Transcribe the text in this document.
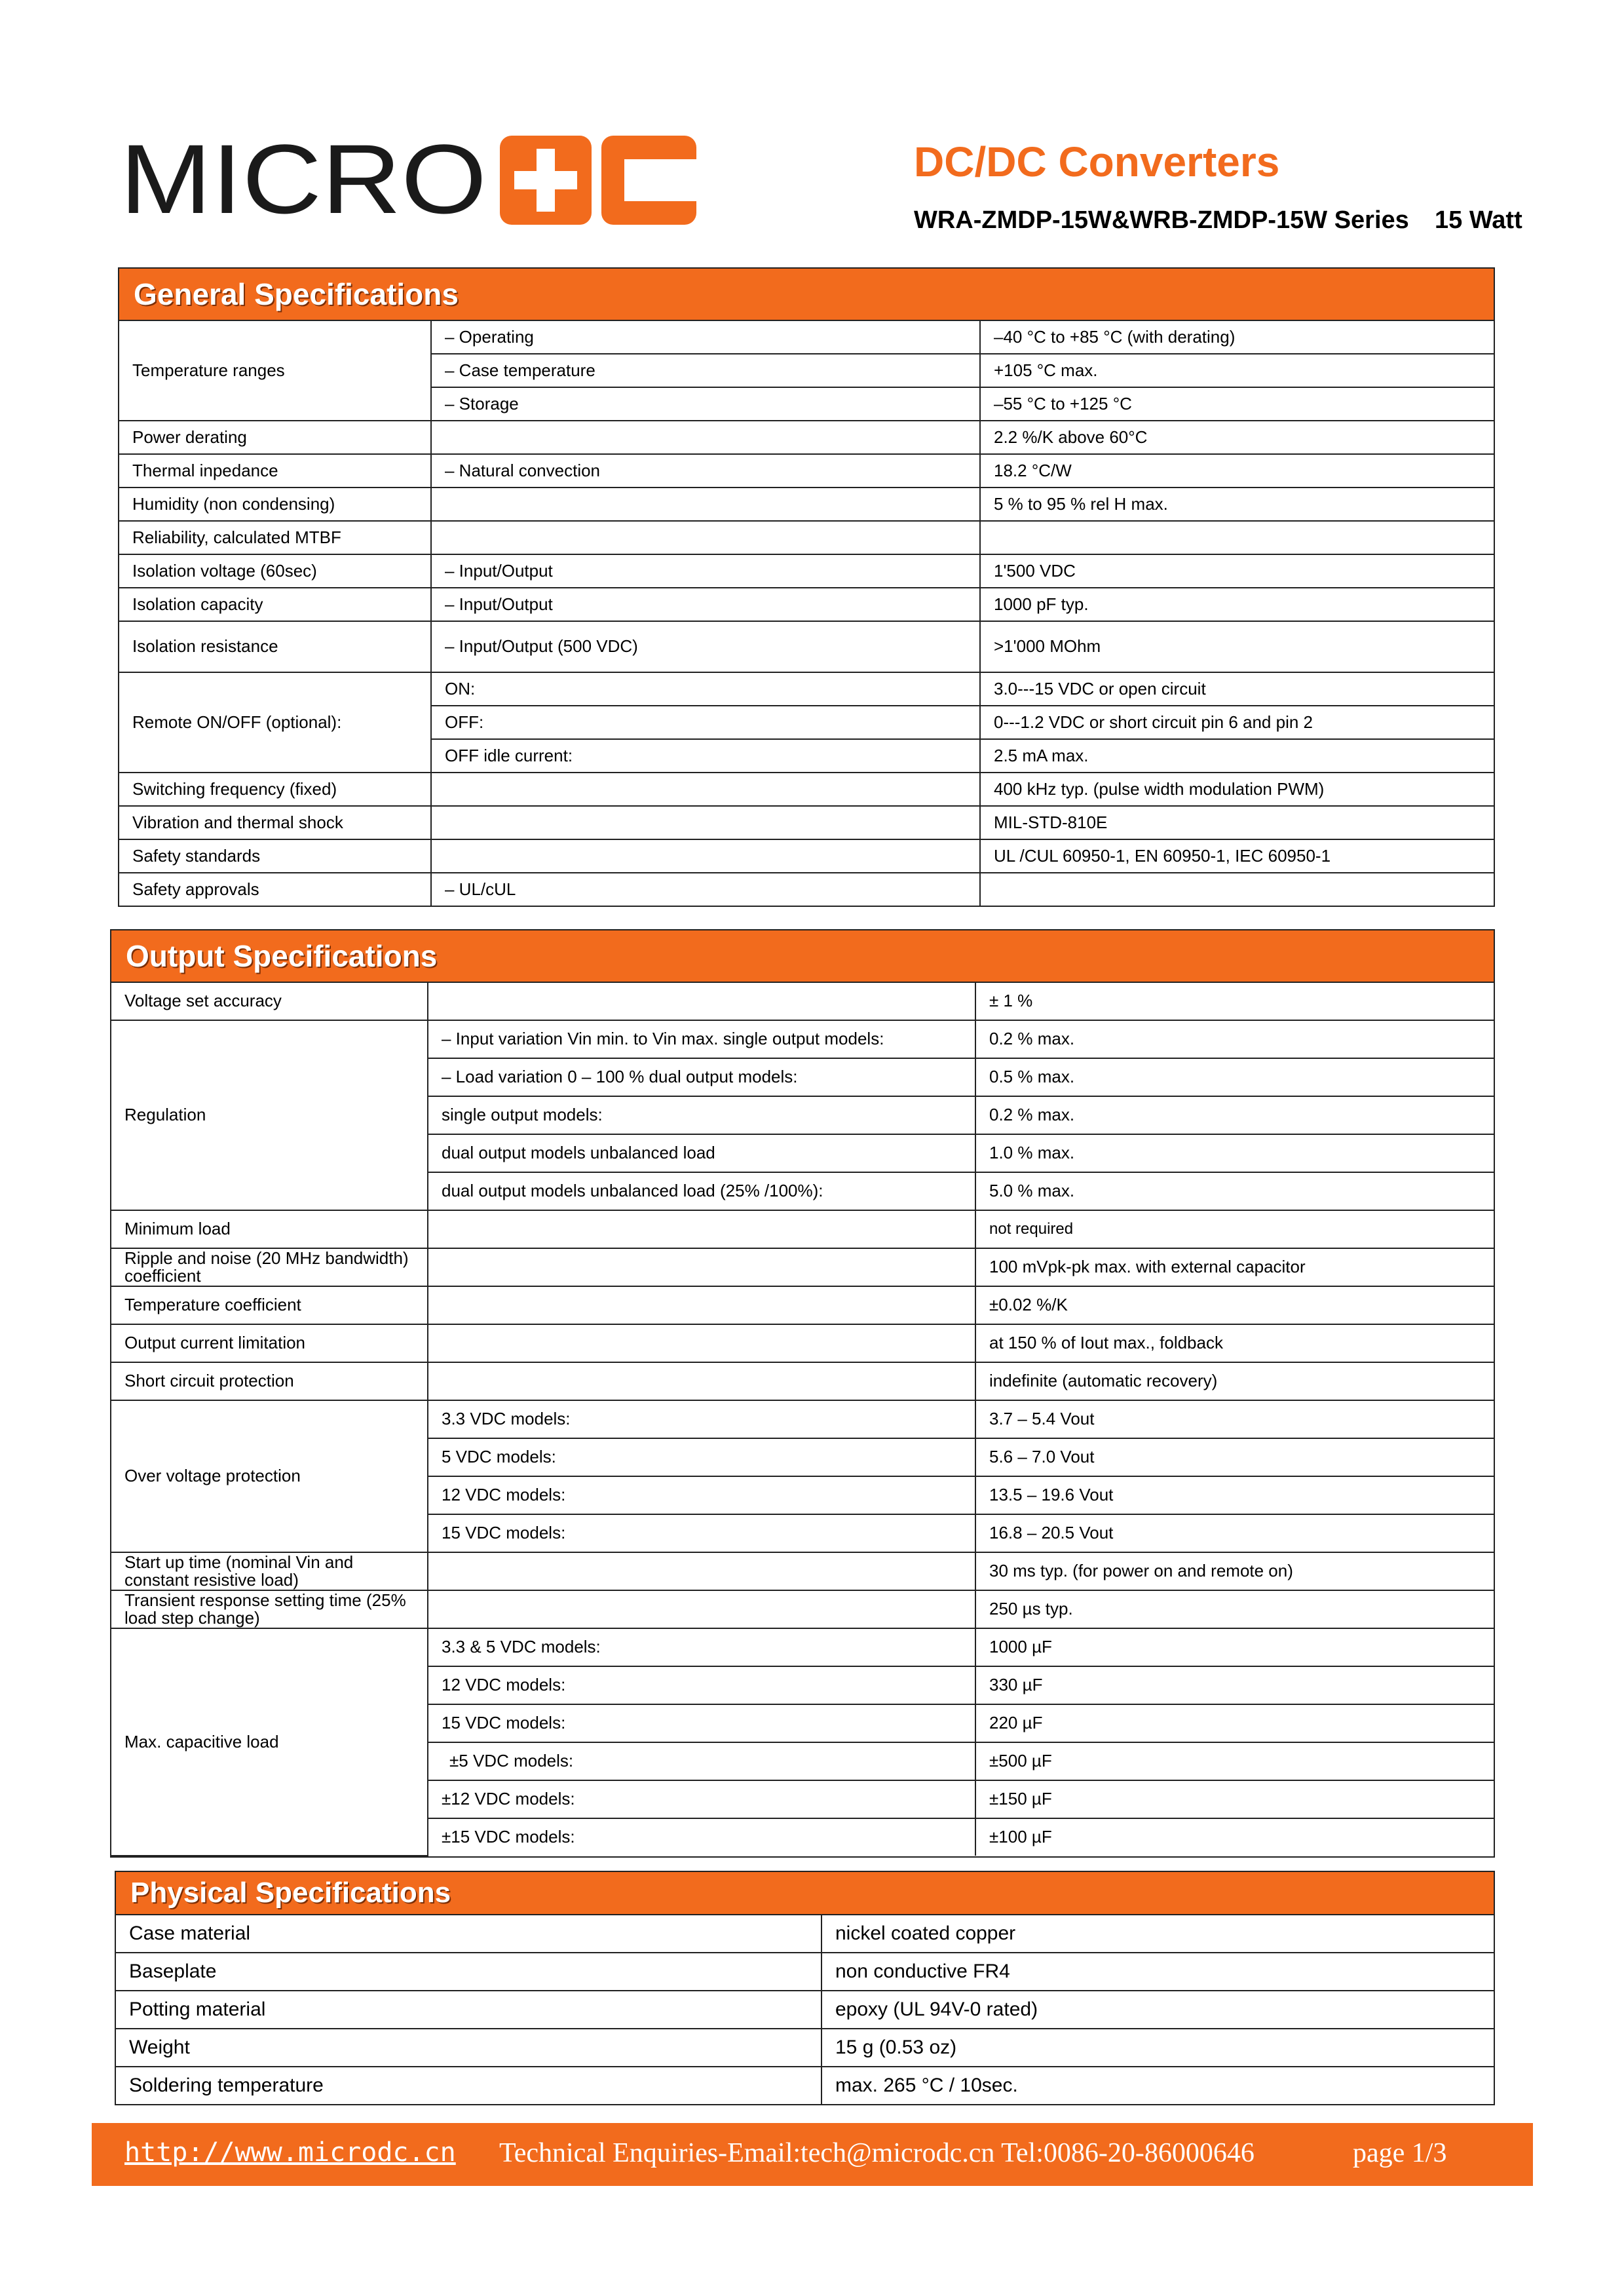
MICRO	DC/DC Converters
WRA-ZMDP-15W&WRB-ZMDP-15W Series 15 Watt
General Specifications
Temperature ranges	– Operating	–40 °C to +85 °C (with derating)
	– Case temperature	+105 °C max.
	– Storage	–55 °C to +125 °C
Power derating		2.2 %/K above 60°C
Thermal inpedance	– Natural convection	18.2 °C/W
Humidity (non condensing)		5 % to 95 % rel H max.
Reliability, calculated MTBF		
Isolation voltage (60sec)	– Input/Output	1'500 VDC
Isolation capacity	– Input/Output	1000 pF typ.
Isolation resistance	– Input/Output (500 VDC)	>1'000 MOhm
Remote ON/OFF (optional):	ON:	3.0---15 VDC or open circuit
	OFF:	0---1.2 VDC or short circuit pin 6 and pin 2
	OFF idle current:	2.5 mA max.
Switching frequency (fixed)		400 kHz typ. (pulse width modulation PWM)
Vibration and thermal shock		MIL-STD-810E
Safety standards		UL /CUL 60950-1, EN 60950-1, IEC 60950-1
Safety approvals	– UL/cUL	
Output Specifications
Voltage set accuracy		± 1 %
Regulation	– Input variation Vin min. to Vin max. single output models:	0.2 % max.
	– Load variation 0 – 100 % dual output models:	0.5 % max.
	single output models:	0.2 % max.
	dual output models unbalanced load	1.0 % max.
	dual output models unbalanced load (25% /100%):	5.0 % max.
Minimum load		not required
Ripple and noise (20 MHz bandwidth) coefficient		100 mVpk-pk max. with external capacitor
Temperature coefficient		±0.02 %/K
Output current limitation		at 150 % of Iout max., foldback
Short circuit protection		indefinite (automatic recovery)
Over voltage protection	3.3 VDC models:	3.7 – 5.4 Vout
	5 VDC models:	5.6 – 7.0 Vout
	12 VDC models:	13.5 – 19.6 Vout
	15 VDC models:	16.8 – 20.5 Vout
Start up time (nominal Vin and constant resistive load)		30 ms typ. (for power on and remote on)
Transient response setting time (25% load step change)		250 µs typ.
Max. capacitive load	3.3 & 5 VDC models:	1000 µF
	12 VDC models:	330 µF
	15 VDC models:	220 µF
	±5 VDC models:	±500 µF
	±12 VDC models:	±150 µF
	±15 VDC models:	±100 µF
Physical Specifications
Case material	nickel coated copper
Baseplate	non conductive FR4
Potting material	epoxy (UL 94V-0 rated)
Weight	15 g (0.53 oz)
Soldering temperature	max. 265 °C / 10sec.
http://www.microdc.cn Technical Enquiries-Email:tech@microdc.cn Tel:0086-20-86000646	page 1/3
